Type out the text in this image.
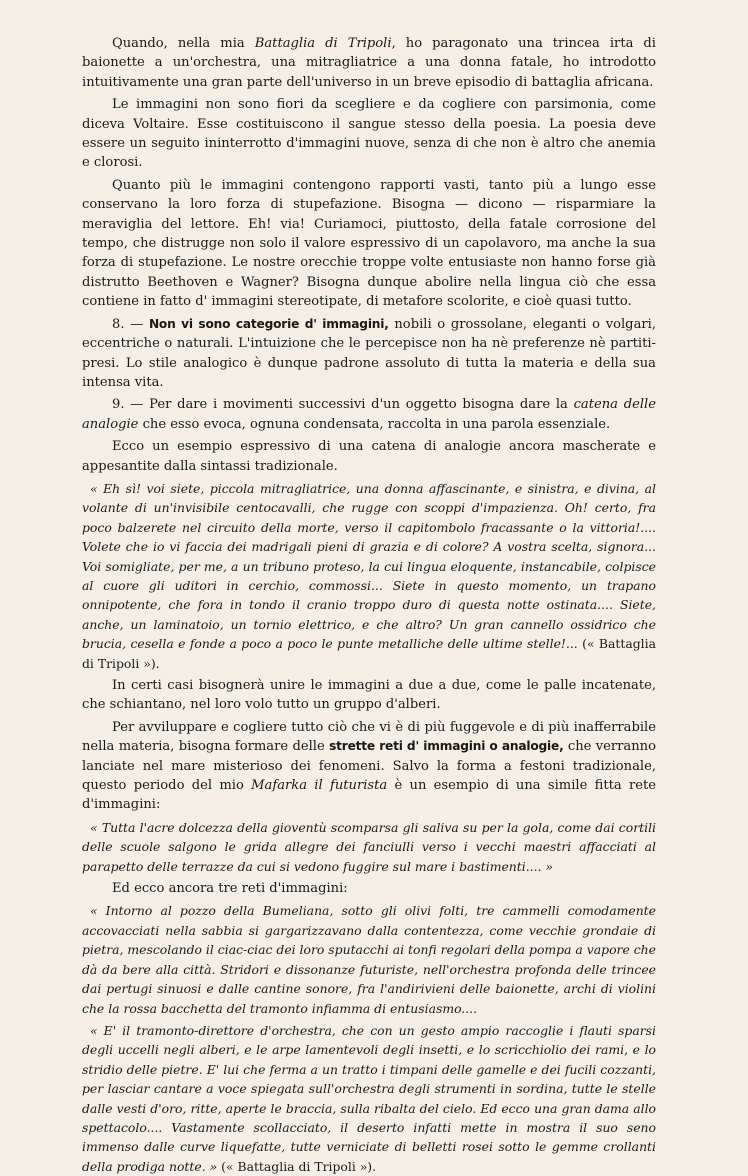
Quando, nella mia Battaglia di Tripoli, ho paragonato una trincea irta di baionette a un'orchestra, una mitragliatrice a una donna fatale, ho introdotto intuitivamente una gran parte dell'universo in un breve episodio di battaglia africana.

Le immagini non sono fiori da scegliere e da cogliere con parsimonia, come diceva Voltaire. Esse costituiscono il sangue stesso della poesia. La poesia deve essere un seguito ininterrotto d'immagini nuove, senza di che non è altro che anemia e clorosi.

Quanto più le immagini contengono rapporti vasti, tanto più a lungo esse conservano la loro forza di stupefazione. Bisogna — dicono — risparmiare la meraviglia del lettore. Eh! via! Curiamoci, piuttosto, della fatale corrosione del tempo, che distrugge non solo il valore espressivo di un capolavoro, ma anche la sua forza di stupefazione. Le nostre orecchie troppe volte entusiaste non hanno forse già distrutto Beethoven e Wagner? Bisogna dunque abolire nella lingua ciò che essa contiene in fatto d' immagini stereotipate, di metafore scolorite, e cioè quasi tutto.

8. — Non vi sono categorie d' immagini, nobili o grossolane, eleganti o volgari, eccentriche o naturali. L'intuizione che le percepisce non ha nè preferenze nè partiti-presi. Lo stile analogico è dunque padrone assoluto di tutta la materia e della sua intensa vita.

9. — Per dare i movimenti successivi d'un oggetto bisogna dare la catena delle analogie che esso evoca, ognuna condensata, raccolta in una parola essenziale.

Ecco un esempio espressivo di una catena di analogie ancora mascherate e appesantite dalla sintassi tradizionale.

« Eh sì! voi siete, piccola mitragliatrice, una donna affascinante, e sinistra, e divina, al volante di un'invisibile centocavalli, che rugge con scoppi d'impazienza. Oh! certo, fra poco balzerete nel circuito della morte, verso il capitombolo fracassante o la vittoria!.... Volete che io vi faccia dei madrigali pieni di grazia e di colore? A vostra scelta, signora... Voi somigliate, per me, a un tribuno proteso, la cui lingua eloquente, instancabile, colpisce al cuore gli uditori in cerchio, commossi... Siete in questo momento, un trapano onnipotente, che fora in tondo il cranio troppo duro di questa notte ostinata.... Siete, anche, un laminatoio, un tornio elettrico, e che altro? Un gran cannello ossidrico che brucia, cesella e fonde a poco a poco le punte metalliche delle ultime stelle!... (« Battaglia di Tripoli »).

In certi casi bisognerà unire le immagini a due a due, come le palle incatenate, che schiantano, nel loro volo tutto un gruppo d'alberi.

Per avviluppare e cogliere tutto ciò che vi è di più fuggevole e di più inafferrabile nella materia, bisogna formare delle strette reti d' immagini o analogie, che verranno lanciate nel mare misterioso dei fenomeni. Salvo la forma a festoni tradizionale, questo periodo del mio Mafarka il futurista è un esempio di una simile fitta rete d'immagini:

« Tutta l'acre dolcezza della gioventù scomparsa gli saliva su per la gola, come dai cortili delle scuole salgono le grida allegre dei fanciulli verso i vecchi maestri affacciati al parapetto delle terrazze da cui si vedono fuggire sul mare i bastimenti.... »

Ed ecco ancora tre reti d'immagini:

« Intorno al pozzo della Bumeliana, sotto gli olivi folti, tre cammelli comodamente accovacciati nella sabbia si gargarizzavano dalla contentezza, come vecchie grondaie di pietra, mescolando il ciac-ciac dei loro sputacchi ai tonfi regolari della pompa a vapore che dà da bere alla città. Stridori e dissonanze futuriste, nell'orchestra profonda delle trincee dai pertugi sinuosi e dalle cantine sonore, fra l'andirivieni delle baionette, archi di violini che la rossa bacchetta del tramonto infiamma di entusiasmo....

« E' il tramonto-direttore d'orchestra, che con un gesto ampio raccoglie i flauti sparsi degli uccelli negli alberi, e le arpe lamentevoli degli insetti, e lo scricchiolio dei rami, e lo stridio delle pietre. E' lui che ferma a un tratto i timpani delle gamelle e dei fucili cozzanti, per lasciar cantare a voce spiegata sull'orchestra degli strumenti in sordina, tutte le stelle dalle vesti d'oro, ritte, aperte le braccia, sulla ribalta del cielo. Ed ecco una gran dama allo spettacolo.... Vastamente scollacciato, il deserto infatti mette in mostra il suo seno immenso dalle curve liquefatte, tutte verniciate di belletti rosei sotto le gemme crollanti della prodiga notte. » (« Battaglia di Tripoli »).
